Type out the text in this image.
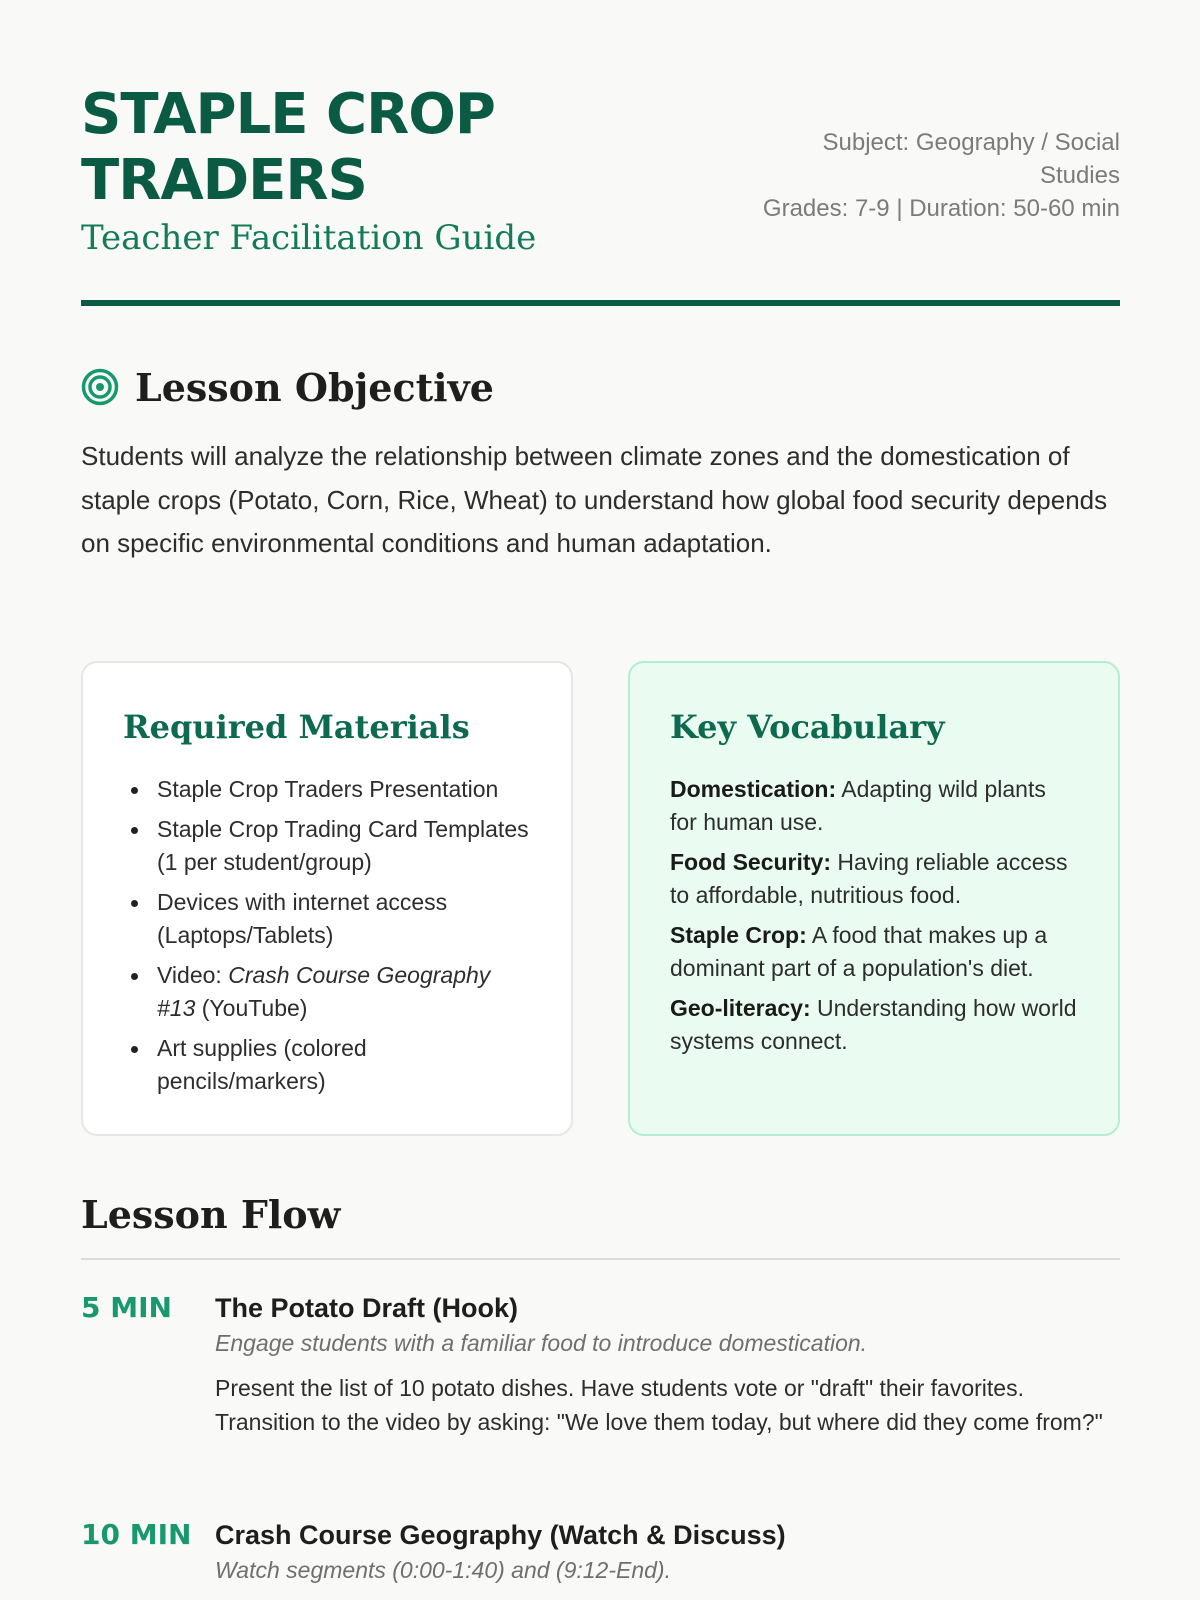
STAPLE CROP
TRADERS
Teacher Facilitation Guide
Subject: Geography / Social Studies
Grades: 7-9 | Duration: 50-60 min
Lesson Objective

Students will analyze the relationship between climate zones and the domestication of staple crops (Potato, Corn, Rice, Wheat) to understand how global food security depends on specific environmental conditions and human adaptation.

Required Materials
Staple Crop Traders Presentation
Staple Crop Trading Card Templates (1 per student/group)
Devices with internet access (Laptops/Tablets)
Video: Crash Course Geography #13 (YouTube)
Art supplies (colored pencils/markers)
Key Vocabulary
Domestication: Adapting wild plants for human use.
Food Security: Having reliable access to affordable, nutritious food.
Staple Crop: A food that makes up a dominant part of a population's diet.
Geo-literacy: Understanding how world systems connect.
Lesson Flow
5 MIN The Potato Draft (Hook)
Engage students with a familiar food to introduce domestication.
Present the list of 10 potato dishes. Have students vote or "draft" their favorites. Transition to the video by asking: "We love them today, but where did they come from?"
10 MIN Crash Course Geography (Watch & Discuss)
Watch segments (0:00-1:40) and (9:12-End).
